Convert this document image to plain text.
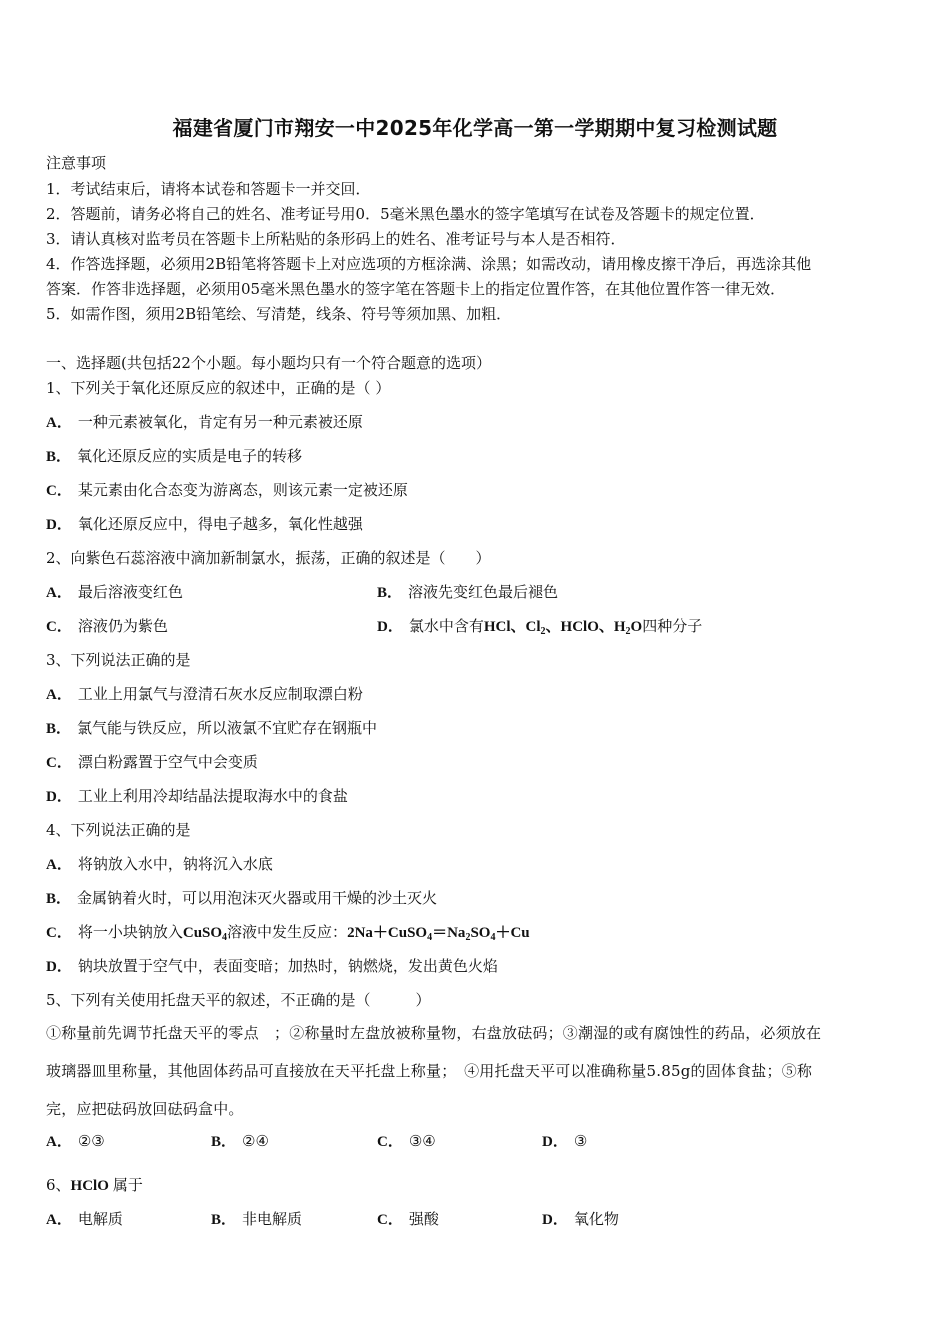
福建省厦门市翔安一中2025年化学高一第一学期期中复习检测试题
注意事项
1．考试结束后，请将本试卷和答题卡一并交回．
2．答题前，请务必将自己的姓名、准考证号用0．5毫米黑色墨水的签字笔填写在试卷及答题卡的规定位置．
3．请认真核对监考员在答题卡上所粘贴的条形码上的姓名、准考证号与本人是否相符．
4．作答选择题，必须用2B铅笔将答题卡上对应选项的方框涂满、涂黑；如需改动，请用橡皮擦干净后，再选涂其他
答案．作答非选择题，必须用05毫米黑色墨水的签字笔在答题卡上的指定位置作答，在其他位置作答一律无效．
5．如需作图，须用2B铅笔绘、写清楚，线条、符号等须加黑、加粗．
一、选择题(共包括22个小题。每小题均只有一个符合题意的选项）
1、下列关于氧化还原反应的叙述中，正确的是（ ）
A． 一种元素被氧化，肯定有另一种元素被还原
B． 氧化还原反应的实质是电子的转移
C． 某元素由化合态变为游离态，则该元素一定被还原
D． 氧化还原反应中，得电子越多，氧化性越强
2、向紫色石蕊溶液中滴加新制氯水，振荡，正确的叙述是（　　）
A． 最后溶液变红色	B． 溶液先变红色最后褪色
C． 溶液仍为紫色	D． 氯水中含有HCl、$Cl_2$、HClO、$H_2O$四种分子
3、下列说法正确的是
A． 工业上用氯气与澄清石灰水反应制取漂白粉
B． 氯气能与铁反应，所以液氯不宜贮存在钢瓶中
C． 漂白粉露置于空气中会变质
D． 工业上利用冷却结晶法提取海水中的食盐
4、下列说法正确的是
A． 将钠放入水中，钠将沉入水底
B． 金属钠着火时，可以用泡沫灭火器或用干燥的沙土灭火
C． 将一小块钠放入CuSO$_4$溶液中发生反应：$2Na+CuSO_4=Na_2SO_4+Cu$
D． 钠块放置于空气中，表面变暗；加热时，钠燃烧，发出黄色火焰
5、下列有关使用托盘天平的叙述，不正确的是（　　　）
①称量前先调节托盘天平的零点　；②称量时左盘放被称量物，右盘放砝码；③潮湿的或有腐蚀性的药品，必须放在
玻璃器皿里称量，其他固体药品可直接放在天平托盘上称量；　④用托盘天平可以准确称量5.85g的固体食盐；⑤称
完，应把砝码放回砝码盒中。
A． ②③	B． ②④	C． ③④	D． ③
6、HClO 属于
A． 电解质	B． 非电解质	C． 强酸	D． 氧化物
